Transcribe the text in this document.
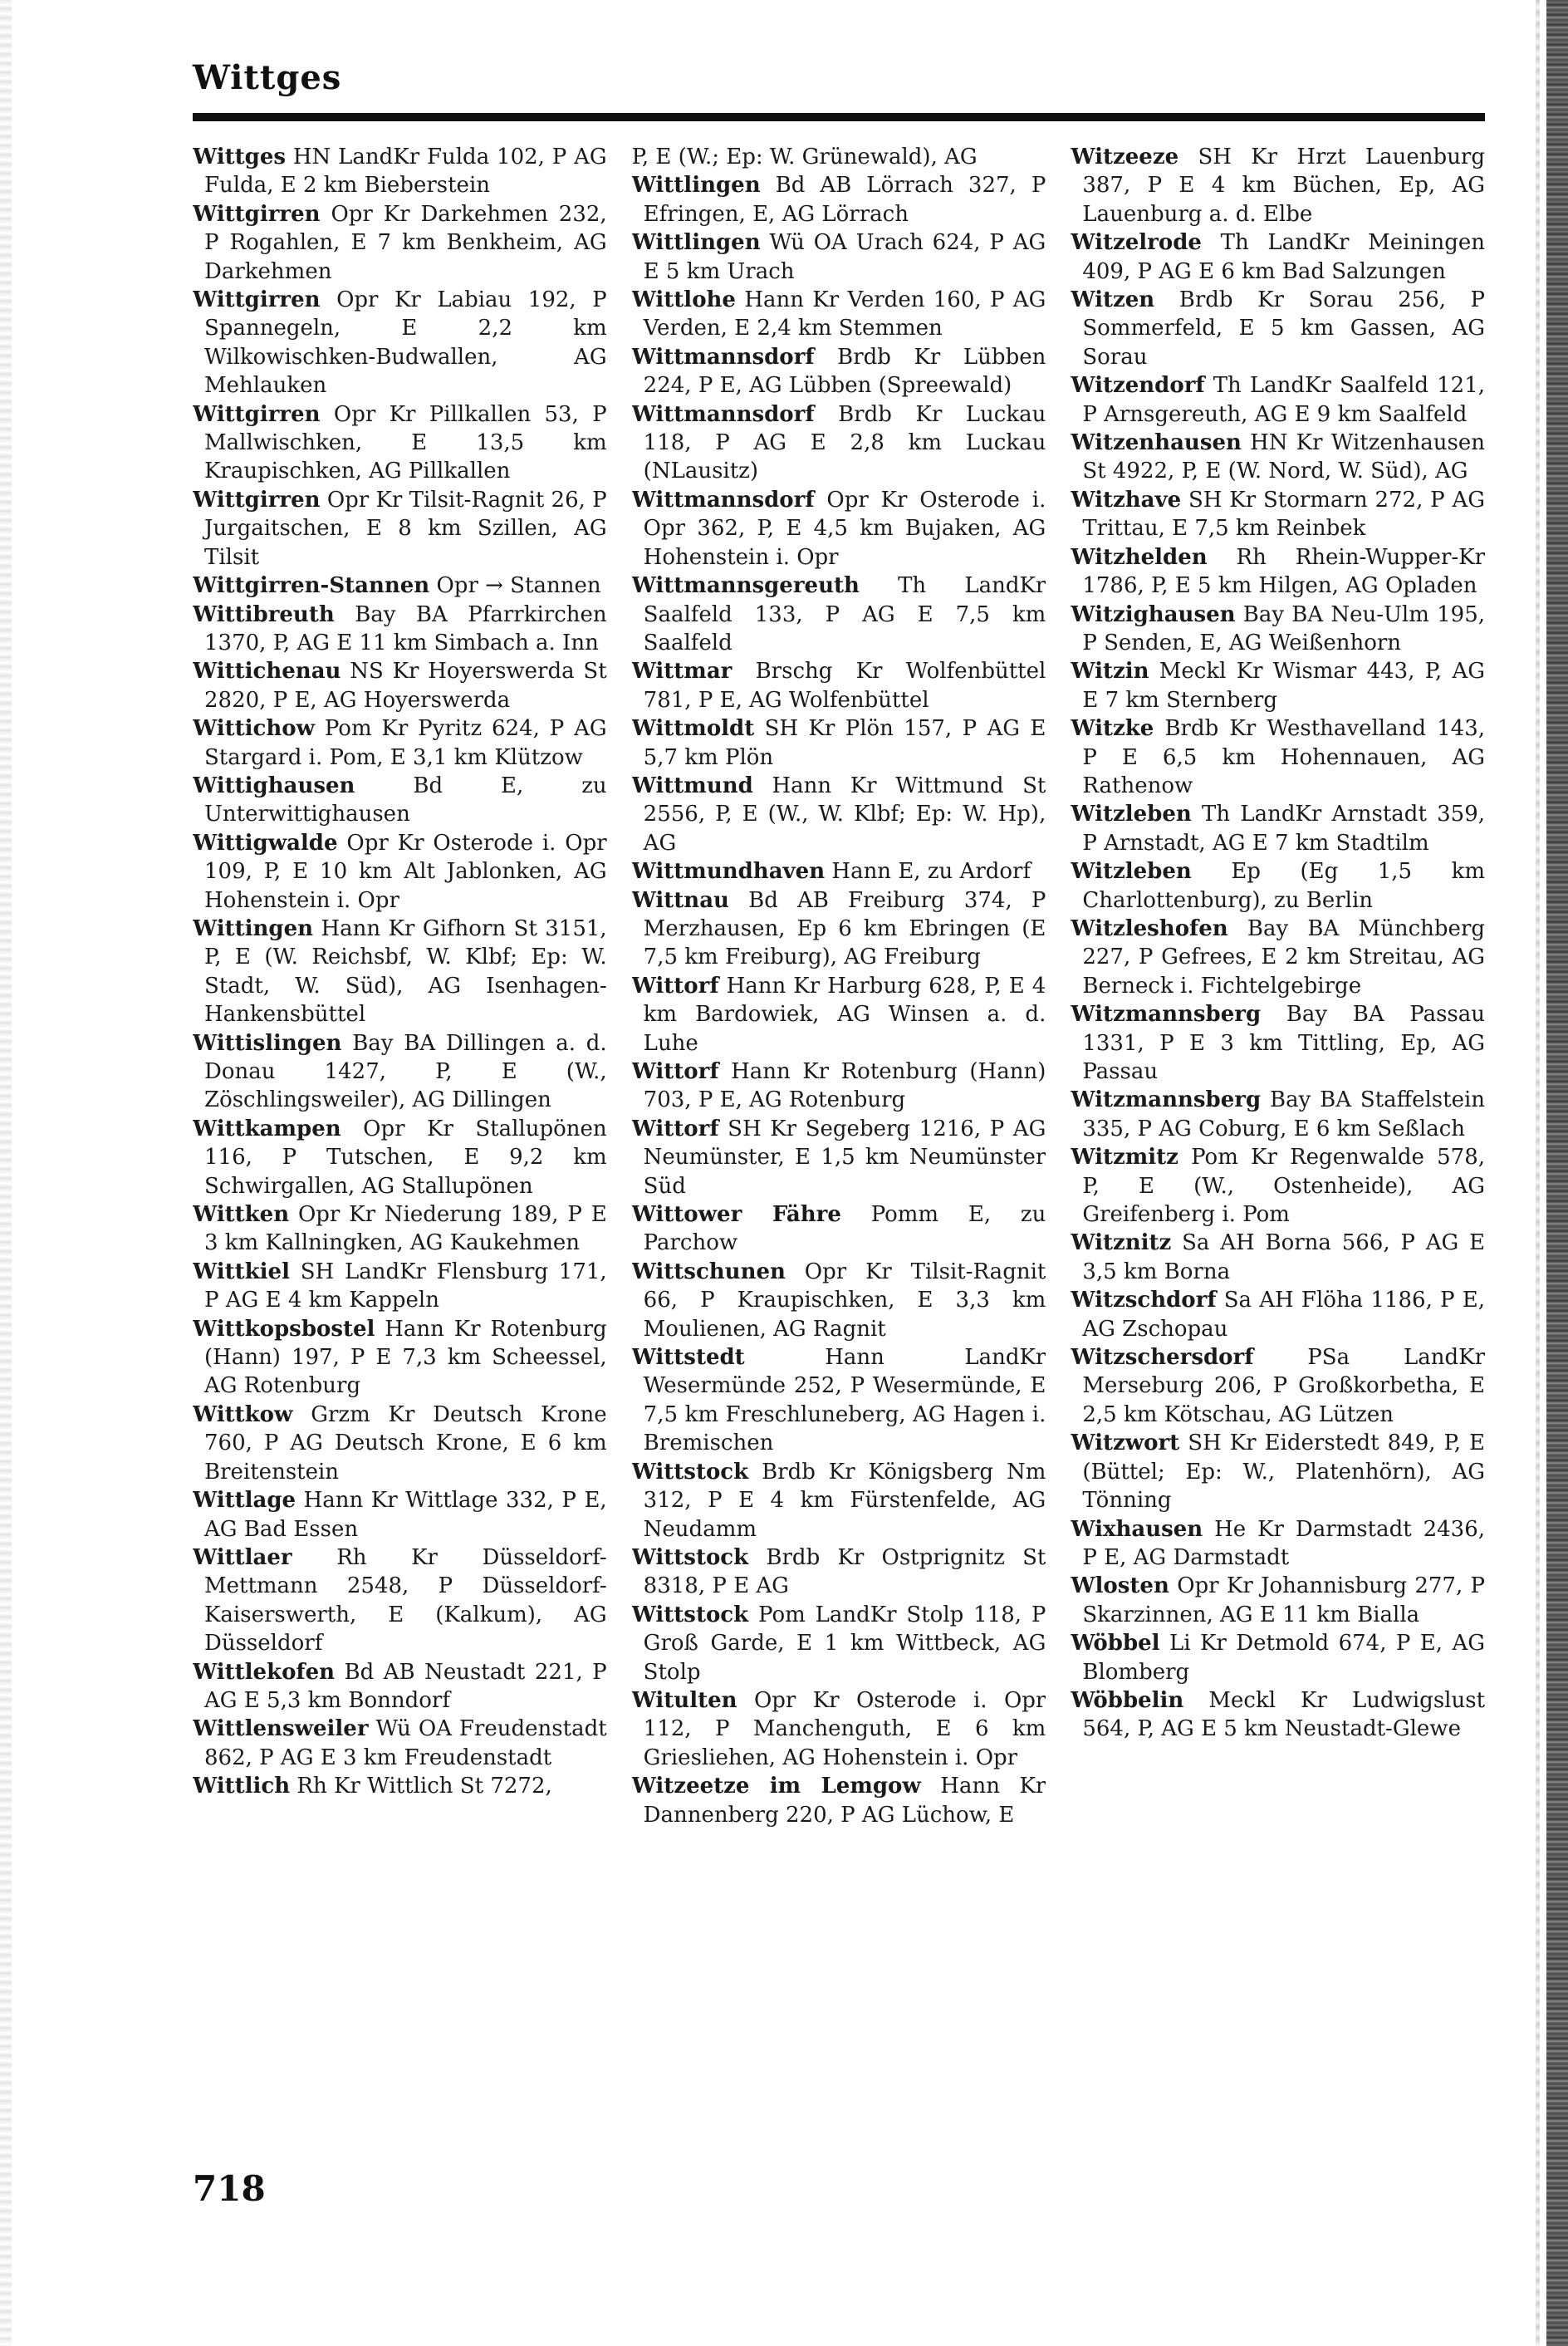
Wittges

Wittges HN LandKr Fulda 102, P AG Fulda, E 2 km Bieberstein

Wittgirren Opr Kr Darkehmen 232, P Rogahlen, E 7 km Benkheim, AG Darkehmen

Wittgirren Opr Kr Labiau 192, P Spannegeln, E 2,2 km Wilkowischken-Budwallen, AG Mehlauken

Wittgirren Opr Kr Pillkallen 53, P Mallwischken, E 13,5 km Kraupischken, AG Pillkallen

Wittgirren Opr Kr Tilsit-Ragnit 26, P Jurgaitschen, E 8 km Szillen, AG Tilsit

Wittgirren-Stannen Opr → Stannen

Wittibreuth Bay BA Pfarrkirchen 1370, P, AG E 11 km Simbach a. Inn

Wittichenau NS Kr Hoyerswerda St 2820, P E, AG Hoyerswerda

Wittichow Pom Kr Pyritz 624, P AG Stargard i. Pom, E 3,1 km Klützow

Wittighausen	Bd E, zu Unterwittighausen

Wittigwalde Opr Kr Osterode i. Opr 109, P, E 10 km Alt Jablonken, AG Hohenstein i. Opr

Wittingen Hann Kr Gifhorn St 3151, P, E (W. Reichsbf, W. Klbf; Ep: W. Stadt, W. Süd), AG Isenhagen-Hankensbüttel

Wittislingen Bay BA Dillingen a. d. Donau 1427, P, E (W., Zöschlingsweiler), AG Dillingen

Wittkampen Opr Kr Stallupönen 116, P Tutschen, E 9,2 km Schwirgallen, AG Stallupönen

Wittken Opr Kr Niederung 189, P E 3 km Kallningken, AG Kaukehmen

Wittkiel SH LandKr Flensburg 171, P AG E 4 km Kappeln

Wittkopsbostel Hann Kr Rotenburg (Hann) 197, P E 7,3 km Scheessel, AG Rotenburg

Wittkow Grzm Kr Deutsch Krone 760, P AG Deutsch Krone, E 6 km Breitenstein

Wittlage Hann Kr Wittlage 332, P E, AG Bad Essen

Wittlaer Rh Kr Düsseldorf-Mettmann 2548, P Düsseldorf-Kaiserswerth, E (Kalkum), AG Düsseldorf

Wittlekofen Bd AB Neustadt 221, P AG E 5,3 km Bonndorf

Wittlensweiler Wü OA Freudenstadt 862, P AG E 3 km Freudenstadt

Wittlich Rh Kr Wittlich St 7272,

P, E (W.; Ep: W. Grünewald), AG

Wittlingen Bd AB Lörrach 327, P Efringen, E, AG Lörrach

Wittlingen Wü OA Urach 624, P AG E 5 km Urach

Wittlohe Hann Kr Verden 160, P AG Verden, E 2,4 km Stemmen

Wittmannsdorf Brdb Kr Lübben 224, P E, AG Lübben (Spreewald)

Wittmannsdorf Brdb Kr Luckau 118, P AG E 2,8 km Luckau (NLausitz)

Wittmannsdorf Opr Kr Osterode i. Opr 362, P, E 4,5 km Bujaken, AG Hohenstein i. Opr

Wittmannsgereuth Th LandKr Saalfeld 133, P AG E 7,5 km Saalfeld

Wittmar Brschg Kr Wolfenbüttel 781, P E, AG Wolfenbüttel

Wittmoldt SH Kr Plön 157, P AG E 5,7 km Plön

Wittmund Hann Kr Wittmund St 2556, P, E (W., W. Klbf; Ep: W. Hp), AG

Wittmundhaven Hann E, zu Ardorf

Wittnau Bd AB Freiburg 374, P Merzhausen, Ep 6 km Ebringen (E 7,5 km Freiburg), AG Freiburg

Wittorf Hann Kr Harburg 628, P, E 4 km Bardowiek, AG Winsen a. d. Luhe

Wittorf Hann Kr Rotenburg (Hann) 703, P E, AG Rotenburg

Wittorf SH Kr Segeberg 1216, P AG Neumünster, E 1,5 km Neumünster Süd

Wittower Fähre Pomm E, zu Parchow

Wittschunen Opr Kr Tilsit-Ragnit 66, P Kraupischken, E 3,3 km Moulienen, AG Ragnit

Wittstedt	Hann LandKr Wesermünde 252, P Wesermünde, E 7,5 km Freschluneberg, AG Hagen i. Bremischen

Wittstock Brdb Kr Königsberg Nm 312, P E 4 km Fürstenfelde, AG Neudamm

Wittstock Brdb Kr Ostprignitz St 8318, P E AG

Wittstock Pom LandKr Stolp 118, P Groß Garde, E 1 km Wittbeck, AG Stolp

Witulten Opr Kr Osterode i. Opr 112, P Manchenguth, E 6 km Griesliehen, AG Hohenstein i. Opr

Witzeetze im Lemgow Hann Kr Dannenberg 220, P AG Lüchow, E

Witzeeze SH Kr Hrzt Lauenburg 387, P E 4 km Büchen, Ep, AG Lauenburg a. d. Elbe

Witzelrode Th LandKr Meiningen 409, P AG E 6 km Bad Salzungen

Witzen Brdb Kr Sorau 256, P Sommerfeld, E 5 km Gassen, AG Sorau

Witzendorf Th LandKr Saalfeld 121, P Arnsgereuth, AG E 9 km Saalfeld

Witzenhausen HN Kr Witzenhausen St 4922, P, E (W. Nord, W. Süd), AG

Witzhave SH Kr Stormarn 272, P AG Trittau, E 7,5 km Reinbek

Witzhelden Rh Rhein-Wupper-Kr 1786, P, E 5 km Hilgen, AG Opladen

Witzighausen Bay BA Neu-Ulm 195, P Senden, E, AG Weißenhorn

Witzin Meckl Kr Wismar 443, P, AG E 7 km Sternberg

Witzke Brdb Kr Westhavelland 143, P E 6,5 km Hohennauen, AG Rathenow

Witzleben Th LandKr Arnstadt 359, P Arnstadt, AG E 7 km Stadtilm

Witzleben Ep (Eg 1,5 km Charlottenburg), zu Berlin

Witzleshofen Bay BA Münchberg 227, P Gefrees, E 2 km Streitau, AG Berneck i. Fichtelgebirge

Witzmannsberg Bay BA Passau 1331, P E 3 km Tittling, Ep, AG Passau

Witzmannsberg Bay BA Staffelstein 335, P AG Coburg, E 6 km Seßlach

Witzmitz Pom Kr Regenwalde 578, P, E (W., Ostenheide), AG Greifenberg i. Pom

Witznitz Sa AH Borna 566, P AG E 3,5 km Borna

Witzschdorf Sa AH Flöha 1186, P E, AG Zschopau

Witzschersdorf PSa LandKr Merseburg 206, P Großkorbetha, E 2,5 km Kötschau, AG Lützen

Witzwort SH Kr Eiderstedt 849, P, E (Büttel; Ep: W., Platenhörn), AG Tönning

Wixhausen He Kr Darmstadt 2436, P E, AG Darmstadt

Wlosten Opr Kr Johannisburg 277, P Skarzinnen, AG E 11 km Bialla

Wöbbel Li Kr Detmold 674, P E, AG Blomberg

Wöbbelin Meckl Kr Ludwigslust 564, P, AG E 5 km Neustadt-Glewe

718
